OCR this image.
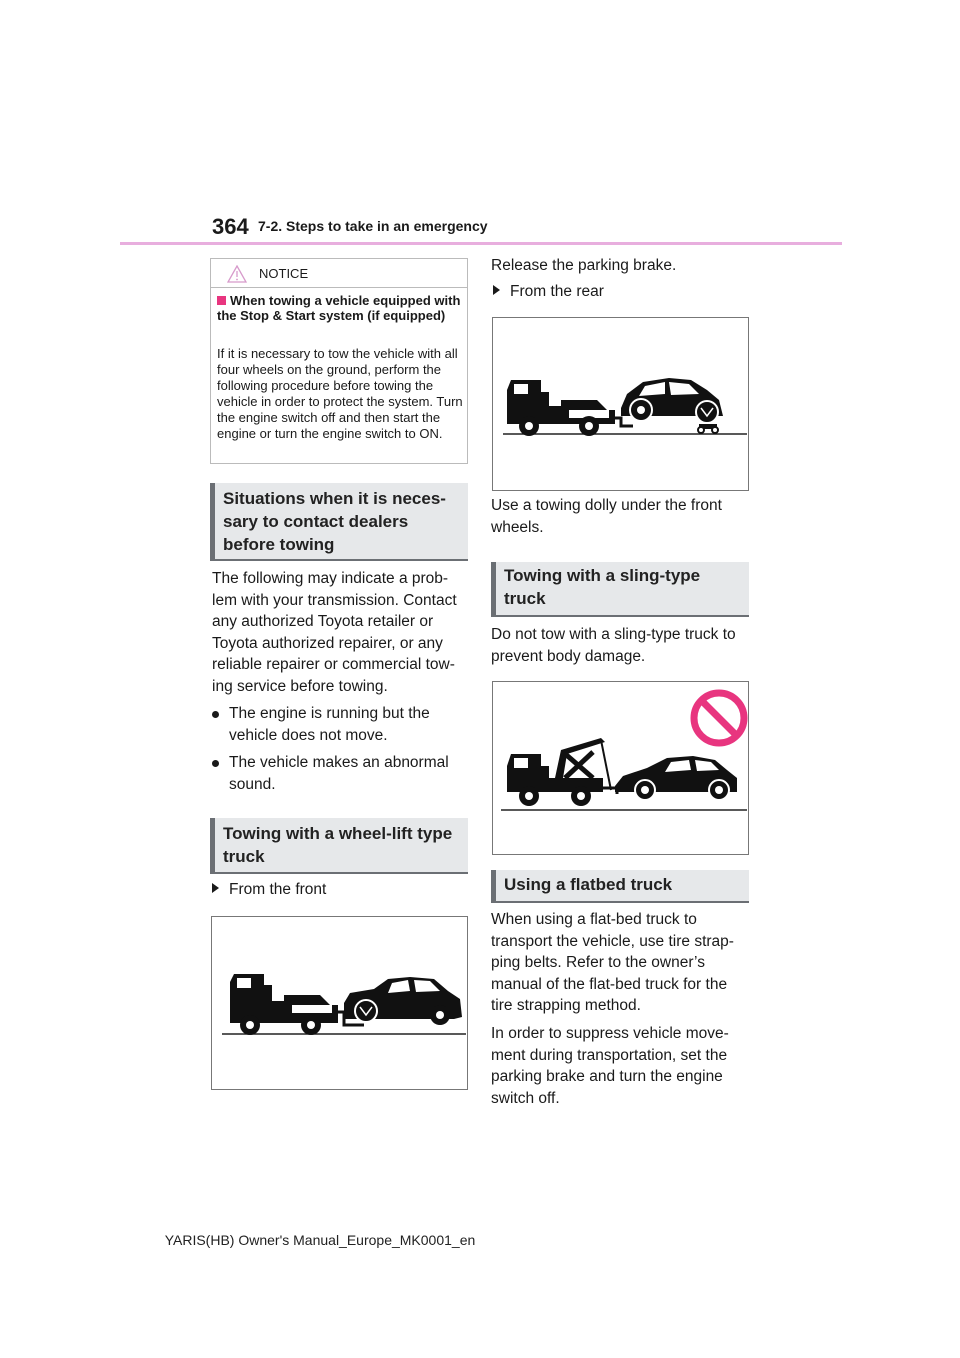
364 7-2. Steps to take in an emergency
NOTICE
When towing a vehicle equipped with the Stop & Start system (if equipped)
If it is necessary to tow the vehicle with all four wheels on the ground, perform the following procedure before towing the vehicle in order to protect the system. Turn the engine switch off and then start the engine or turn the engine switch to ON.
Situations when it is neces-sary to contact dealers before towing
The following may indicate a prob-lem with your transmission. Contact any authorized Toyota retailer or Toyota authorized repairer, or any reliable repairer or commercial tow-ing service before towing.
The engine is running but the vehicle does not move.
The vehicle makes an abnormal sound.
Towing with a wheel-lift type truck
From the front
Release the parking brake.
From the rear
Use a towing dolly under the front wheels.
Towing with a sling-type truck
Do not tow with a sling-type truck to prevent body damage.
Using a flatbed truck
When using a flat-bed truck to transport the vehicle, use tire strap-ping belts. Refer to the owner’s manual of the flat-bed truck for the tire strapping method.
In order to suppress vehicle move-ment during transportation, set the parking brake and turn the engine switch off.
YARIS(HB) Owner's Manual_Europe_MK0001_en
